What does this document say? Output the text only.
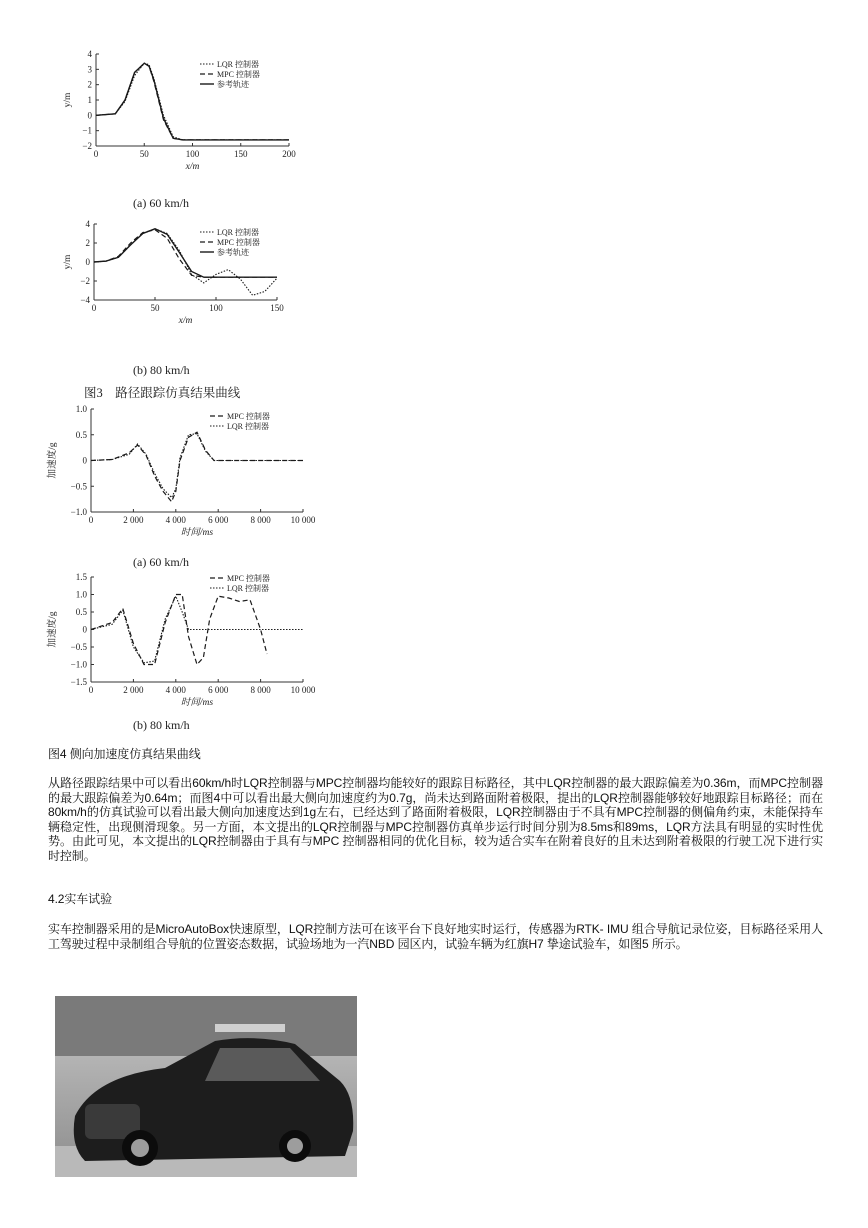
4
3
2
1
0
−1
−2
0	50	100	150	200
x/m
y/m
LQR 控制器
MPC 控制器
参考轨迹
(a) 60 km/h
4
2
0
−2
−4
0	50	100	150
x/m
y/m
LQR 控制器
MPC 控制器
参考轨迹
(b) 80 km/h
图3　路径跟踪仿真结果曲线
1.0
0.5
0
−0.5
−1.0
0	2 000 4 000 6 000 8 000 10 000
时间/ms
加速度/g
MPC 控制器
LQR 控制器
(a) 60 km/h
1.5
1.0
0.5
0
−0.5
−1.0
−1.5
0	2 000 4 000 6 000 8 000 10 000
时间/ms
加速度/g
MPC 控制器
LQR 控制器
(b) 80 km/h
图4 侧向加速度仿真结果曲线
从路径跟踪结果中可以看出60km/h时LQR控制器与MPC控制器均能较好的跟踪目标路径，其中LQR控制器的最大跟踪偏差为0.36m，而MPC控制器的最大跟踪偏差为0.64m；而图4中可以看出最大侧向加速度约为0.7g，尚未达到路面附着极限，提出的LQR控制器能够较好地跟踪目标路径；而在80km/h的仿真试验可以看出最大侧向加速度达到1g左右，已经达到了路面附着极限，LQR控制器由于不具有MPC控制器的侧偏角约束，未能保持车辆稳定性，出现侧滑现象。另一方面，本文提出的LQR控制器与MPC控制器仿真单步运行时间分别为8.5ms和89ms，LQR方法具有明显的实时性优势。由此可见，本文提出的LQR控制器由于具有与MPC 控制器相同的优化目标，较为适合实车在附着良好的且未达到附着极限的行驶工况下进行实时控制。
4.2实车试验
实车控制器采用的是MicroAutoBox快速原型，LQR控制方法可在该平台下良好地实时运行，传感器为RTK- IMU 组合导航记录位姿，目标路径采用人工驾驶过程中录制组合导航的位置姿态数据，试验场地为一汽NBD 园区内，试验车辆为红旗H7 挚途试验车，如图5 所示。
